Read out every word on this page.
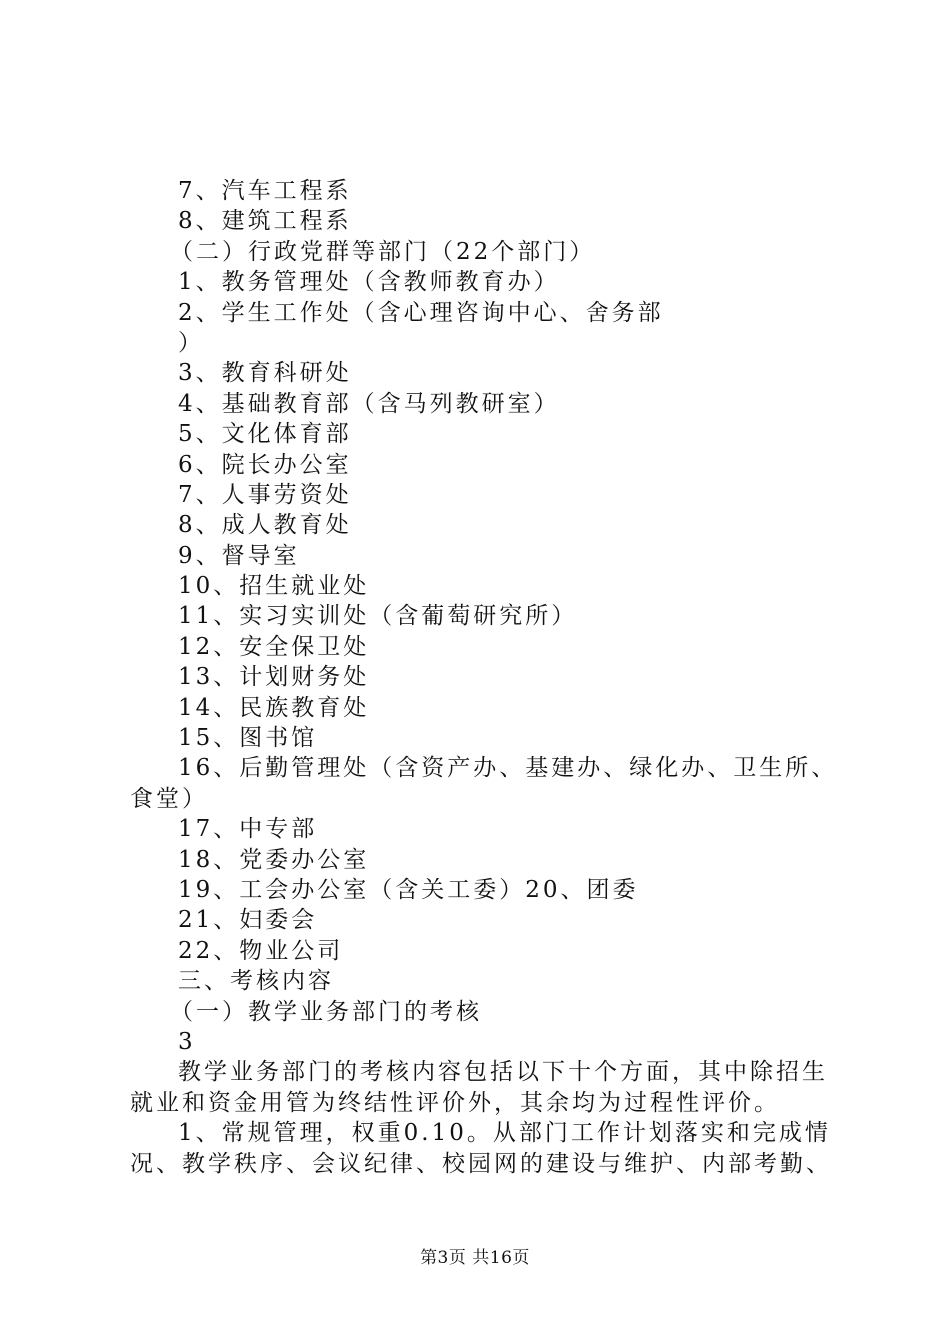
7、汽车工程系
8、建筑工程系
（二）行政党群等部门（22个部门）
1、教务管理处（含教师教育办）
2、学生工作处（含心理咨询中心、舍务部
）
3、教育科研处
4、基础教育部（含马列教研室）
5、文化体育部
6、院长办公室
7、人事劳资处
8、成人教育处
9、督导室
10、招生就业处
11、实习实训处（含葡萄研究所）
12、安全保卫处
13、计划财务处
14、民族教育处
15、图书馆
16、后勤管理处（含资产办、基建办、绿化办、卫生所、
食堂）
17、中专部
18、党委办公室
19、工会办公室（含关工委）20、团委
21、妇委会
22、物业公司
三、考核内容
（一）教学业务部门的考核
3
教学业务部门的考核内容包括以下十个方面，其中除招生
就业和资金用管为终结性评价外，其余均为过程性评价。
1、常规管理，权重0.10。从部门工作计划落实和完成情
况、教学秩序、会议纪律、校园网的建设与维护、内部考勤、
第3页 共16页
